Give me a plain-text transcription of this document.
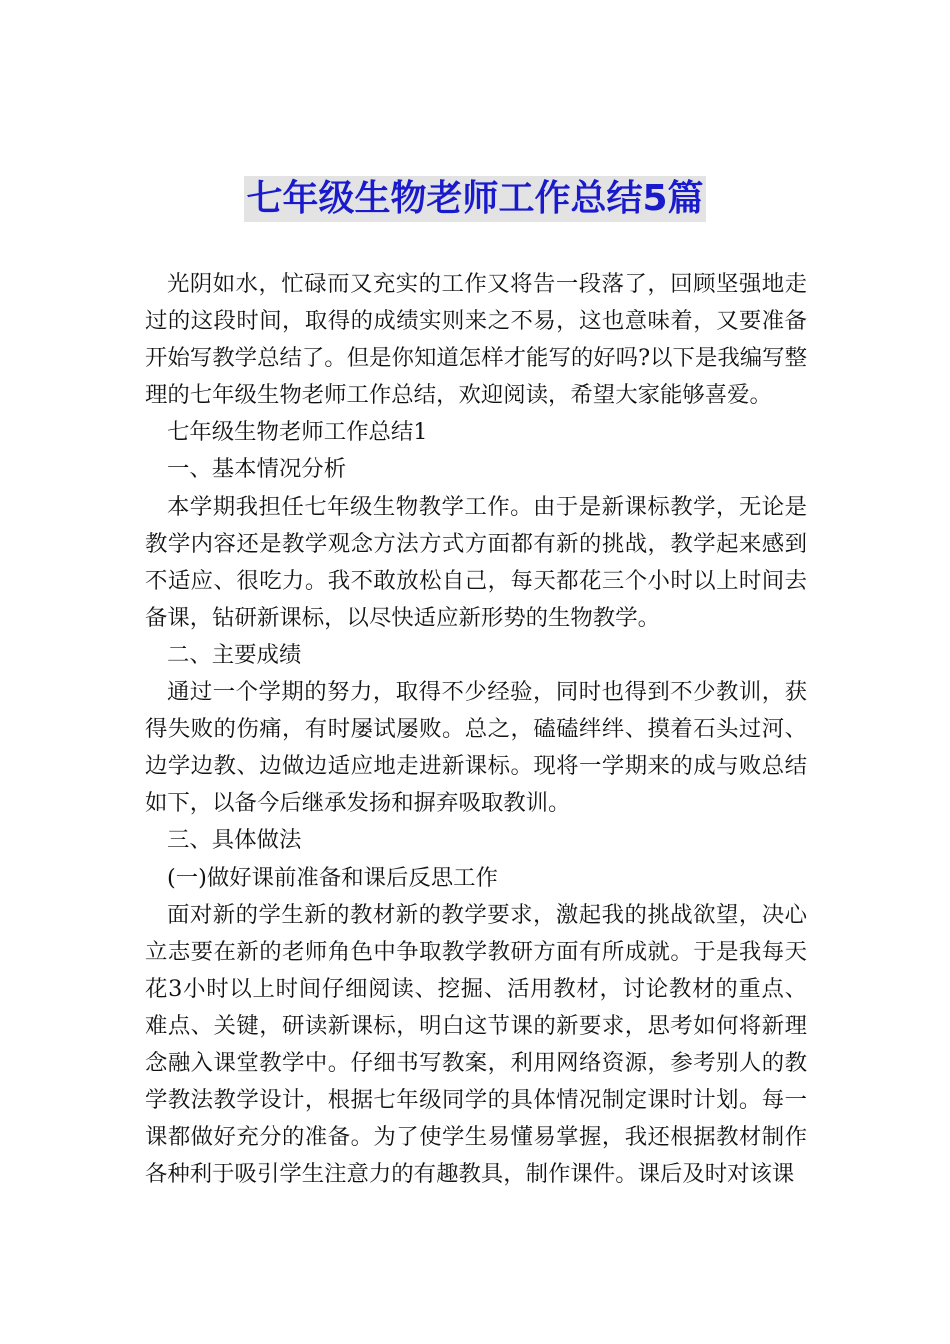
七年级生物老师工作总结5篇

光阴如水，忙碌而又充实的工作又将告一段落了，回顾坚强地走过的这段时间，取得的成绩实则来之不易，这也意味着，又要准备开始写教学总结了。但是你知道怎样才能写的好吗?以下是我编写整理的七年级生物老师工作总结，欢迎阅读，希望大家能够喜爱。

七年级生物老师工作总结1

一、基本情况分析

本学期我担任七年级生物教学工作。由于是新课标教学，无论是教学内容还是教学观念方法方式方面都有新的挑战，教学起来感到不适应、很吃力。我不敢放松自己，每天都花三个小时以上时间去备课，钻研新课标，以尽快适应新形势的生物教学。

二、主要成绩

通过一个学期的努力，取得不少经验，同时也得到不少教训，获得失败的伤痛，有时屡试屡败。总之，磕磕绊绊、摸着石头过河、边学边教、边做边适应地走进新课标。现将一学期来的成与败总结如下，以备今后继承发扬和摒弃吸取教训。

三、具体做法

(一)做好课前准备和课后反思工作

面对新的学生新的教材新的教学要求，激起我的挑战欲望，决心立志要在新的老师角色中争取教学教研方面有所成就。于是我每天花3小时以上时间仔细阅读、挖掘、活用教材，讨论教材的重点、难点、关键，研读新课标，明白这节课的新要求，思考如何将新理念融入课堂教学中。仔细书写教案，利用网络资源，参考别人的教学教法教学设计，根据七年级同学的具体情况制定课时计划。每一课都做好充分的准备。为了使学生易懂易掌握，我还根据教材制作各种利于吸引学生注意力的有趣教具，制作课件。课后及时对该课
